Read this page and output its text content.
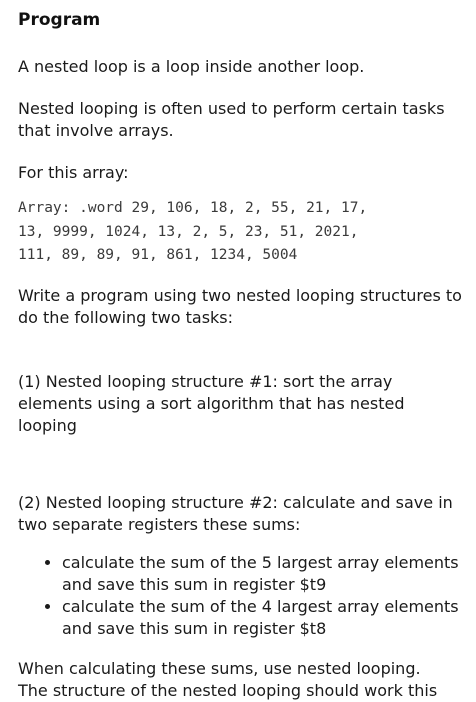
Program

A nested loop is a loop inside another loop.

Nested looping is often used to perform certain tasks that involve arrays.

For this array:

Array: .word 29, 106, 18, 2, 55, 21, 17,
13, 9999, 1024, 13, 2, 5, 23, 51, 2021,
111, 89, 89, 91, 861, 1234, 5004

Write a program using two nested looping structures to do the following two tasks:

(1) Nested looping structure #1: sort the array elements using a sort algorithm that has nested looping

(2) Nested looping structure #2: calculate and save in two separate registers these sums:

• calculate the sum of the 5 largest array elements and save this sum in register $t9
• calculate the sum of the 4 largest array elements and save this sum in register $t8
When calculating these sums, use nested looping.
The structure of the nested looping should work this
